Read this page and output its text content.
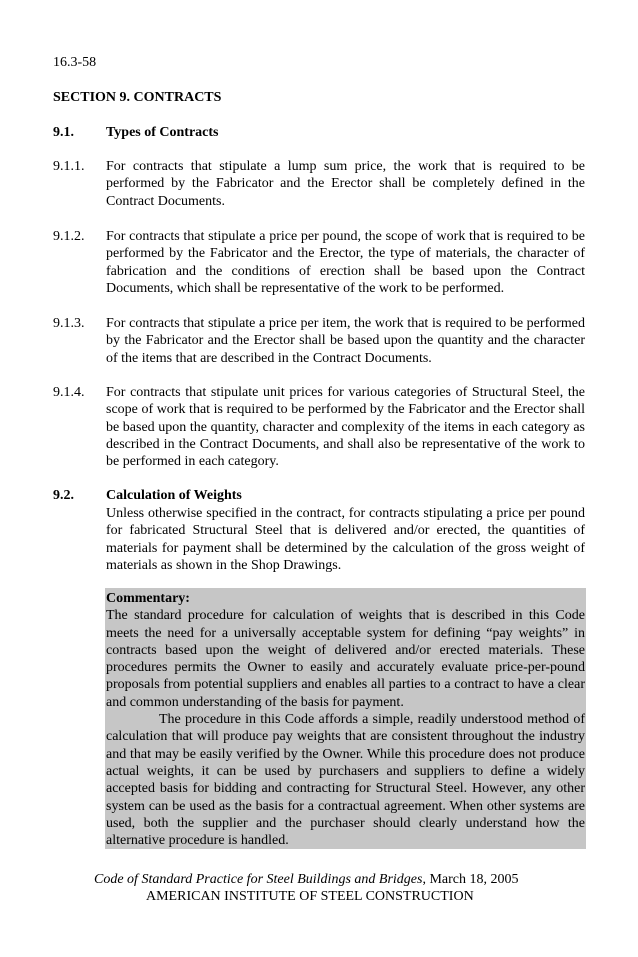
16.3-58
SECTION 9. CONTRACTS
9.1. Types of Contracts
9.1.1. For contracts that stipulate a lump sum price, the work that is required to be performed by the Fabricator and the Erector shall be completely defined in the Contract Documents.
9.1.2. For contracts that stipulate a price per pound, the scope of work that is required to be performed by the Fabricator and the Erector, the type of materials, the character of fabrication and the conditions of erection shall be based upon the Contract Documents, which shall be representative of the work to be performed.
9.1.3. For contracts that stipulate a price per item, the work that is required to be performed by the Fabricator and the Erector shall be based upon the quantity and the character of the items that are described in the Contract Documents.
9.1.4. For contracts that stipulate unit prices for various categories of Structural Steel, the scope of work that is required to be performed by the Fabricator and the Erector shall be based upon the quantity, character and complexity of the items in each category as described in the Contract Documents, and shall also be representative of the work to be performed in each category.
9.2. Calculation of Weights
Unless otherwise specified in the contract, for contracts stipulating a price per pound for fabricated Structural Steel that is delivered and/or erected, the quantities of materials for payment shall be determined by the calculation of the gross weight of materials as shown in the Shop Drawings.
Commentary:

The standard procedure for calculation of weights that is described in this Code meets the need for a universally acceptable system for defining “pay weights” in contracts based upon the weight of delivered and/or erected materials. These procedures permits the Owner to easily and accurately evaluate price-per-pound proposals from potential suppliers and enables all parties to a contract to have a clear and common understanding of the basis for payment.

The procedure in this Code affords a simple, readily understood method of calculation that will produce pay weights that are consistent throughout the industry and that may be easily verified by the Owner. While this procedure does not produce actual weights, it can be used by purchasers and suppliers to define a widely accepted basis for bidding and contracting for Structural Steel. However, any other system can be used as the basis for a contractual agreement. When other systems are used, both the supplier and the purchaser should clearly understand how the alternative procedure is handled.

Code of Standard Practice for Steel Buildings and Bridges, March 18, 2005
AMERICAN INSTITUTE OF STEEL CONSTRUCTION
